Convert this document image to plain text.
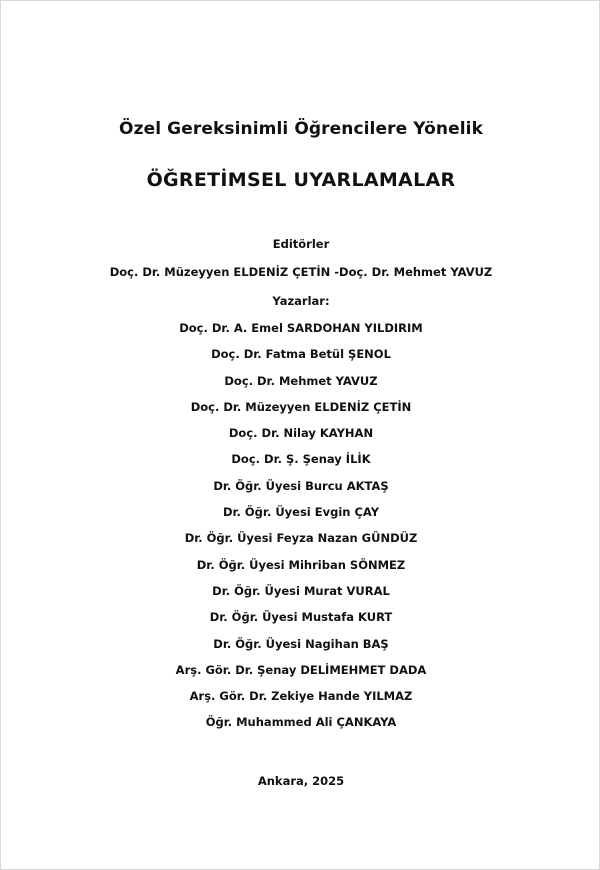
Özel Gereksinimli Öğrencilere Yönelik
ÖĞRETİMSEL UYARLAMALAR
Editörler
Doç. Dr. Müzeyyen ELDENİZ ÇETİN -Doç. Dr. Mehmet YAVUZ
Yazarlar:
Doç. Dr. A. Emel SARDOHAN YILDIRIM
Doç. Dr. Fatma Betül ŞENOL
Doç. Dr. Mehmet YAVUZ
Doç. Dr. Müzeyyen ELDENİZ ÇETİN
Doç. Dr. Nilay KAYHAN
Doç. Dr. Ş. Şenay İLİK
Dr. Öğr. Üyesi Burcu AKTAŞ
Dr. Öğr. Üyesi Evgin ÇAY
Dr. Öğr. Üyesi Feyza Nazan GÜNDÜZ
Dr. Öğr. Üyesi Mihriban SÖNMEZ
Dr. Öğr. Üyesi Murat VURAL
Dr. Öğr. Üyesi Mustafa KURT
Dr. Öğr. Üyesi Nagihan BAŞ
Arş. Gör. Dr. Şenay DELİMEHMET DADA
Arş. Gör. Dr. Zekiye Hande YILMAZ
Öğr. Muhammed Ali ÇANKAYA
Ankara, 2025
